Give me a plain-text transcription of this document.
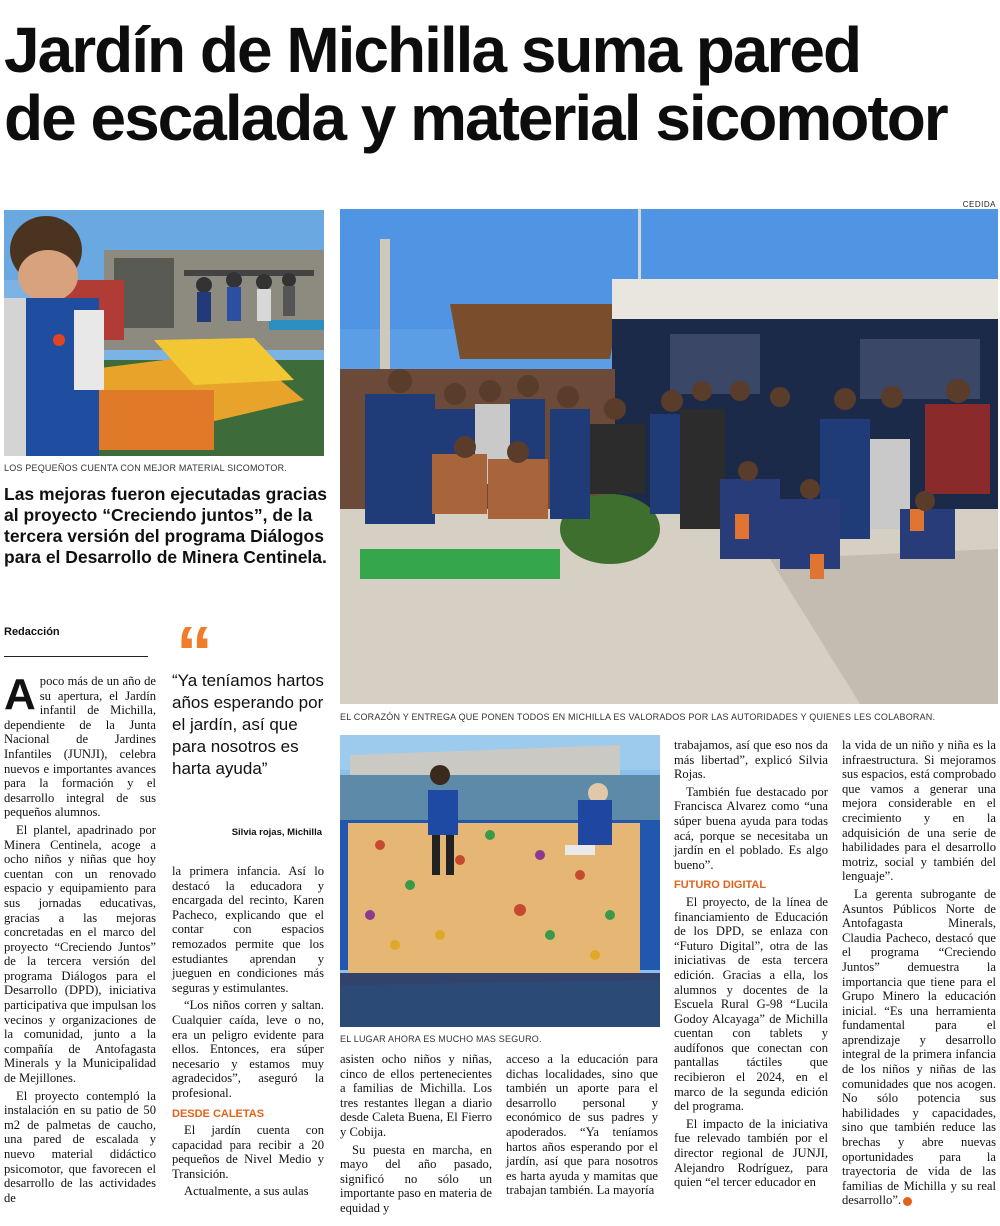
Jardín de Michilla suma pared
de escalada y material sicomotor
CEDIDA
LOS PEQUEÑOS CUENTA CON MEJOR MATERIAL SICOMOTOR.
EL CORAZÓN Y ENTREGA QUE PONEN TODOS EN MICHILLA ES VALORADOS POR LAS AUTORIDADES Y QUIENES LES COLABORAN.
EL LUGAR AHORA ES MUCHO MAS SEGURO.
Las mejoras fueron ejecutadas gracias al proyecto “Creciendo juntos”, de la tercera versión del programa Diálogos para el Desarrollo de Minera Centinela.
Redacción “
“Ya teníamos hartos años esperando por el jardín, así que para nosotros es harta ayuda”
Silvia rojas, Michilla

Apoco más de un año de su apertura, el Jardín infantil de Michilla, dependiente de la Junta Nacional de Jardines Infantiles (JUNJI), celebra nuevos e importantes avances para la formación y el desarrollo integral de sus pequeños alumnos.

El plantel, apadrinado por Minera Centinela, acoge a ocho niños y niñas que hoy cuentan con un renovado espacio y equipamiento para sus jornadas educativas, gracias a las mejoras concretadas en el marco del proyecto “Creciendo Juntos” de la tercera versión del programa Diálogos para el Desarrollo (DPD), iniciativa participativa que impulsan los vecinos y organizaciones de la comunidad, junto a la compañía de Antofagasta Minerals y la Municipalidad de Mejillones.

El proyecto contempló la instalación en su patio de 50 m2 de palmetas de caucho, una pared de escalada y nuevo material didáctico psicomotor, que favorecen el desarrollo de las actividades de

la primera infancia. Así lo destacó la educadora y encargada del recinto, Karen Pacheco, explicando que el contar con espacios remozados permite que los estudiantes aprendan y jueguen en condiciones más seguras y estimulantes.

“Los niños corren y saltan. Cualquier caída, leve o no, era un peligro evidente para ellos. Entonces, era súper necesario y estamos muy agradecidos”, aseguró la profesional.

DESDE CALETAS

El jardín cuenta con capacidad para recibir a 20 pequeños de Nivel Medio y Transición.

Actualmente, a sus aulas

asisten ocho niños y niñas, cinco de ellos pertenecientes a familias de Michilla. Los tres restantes llegan a diario desde Caleta Buena, El Fierro y Cobija.

Su puesta en marcha, en mayo del año pasado, significó no sólo un importante paso en materia de equidad y

acceso a la educación para dichas localidades, sino que también un aporte para el desarrollo personal y económico de sus padres y apoderados. “Ya teníamos hartos años esperando por el jardín, así que para nosotros es harta ayuda y mamitas que trabajan también. La mayoría

trabajamos, así que eso nos da más libertad”, explicó Silvia Rojas.

También fue destacado por Francisca Alvarez como “una súper buena ayuda para todas acá, porque se necesitaba un jardín en el poblado. Es algo bueno”.

FUTURO DIGITAL

El proyecto, de la línea de financiamiento de Educación de los DPD, se enlaza con “Futuro Digital”, otra de las iniciativas de esta tercera edición. Gracias a ella, los alumnos y docentes de la Escuela Rural G-98 “Lucila Godoy Alcayaga” de Michilla cuentan con tablets y audífonos que conectan con pantallas táctiles que recibieron el 2024, en el marco de la segunda edición del programa.

El impacto de la iniciativa fue relevado también por el director regional de JUNJI, Alejandro Rodríguez, para quien “el tercer educador en

la vida de un niño y niña es la infraestructura. Si mejoramos sus espacios, está comprobado que vamos a generar una mejora considerable en el crecimiento y en la adquisición de una serie de habilidades para el desarrollo motriz, social y también del lenguaje”.

La gerenta subrogante de Asuntos Públicos Norte de Antofagasta Minerals, Claudia Pacheco, destacó que el programa “Creciendo Juntos” demuestra la importancia que tiene para el Grupo Minero la educación inicial. “Es una herramienta fundamental para el aprendizaje y desarrollo integral de la primera infancia de los niños y niñas de las comunidades que nos acogen. No sólo potencia sus habilidades y capacidades, sino que también reduce las brechas y abre nuevas oportunidades para la trayectoria de vida de las familias de Michilla y su real desarrollo”.
